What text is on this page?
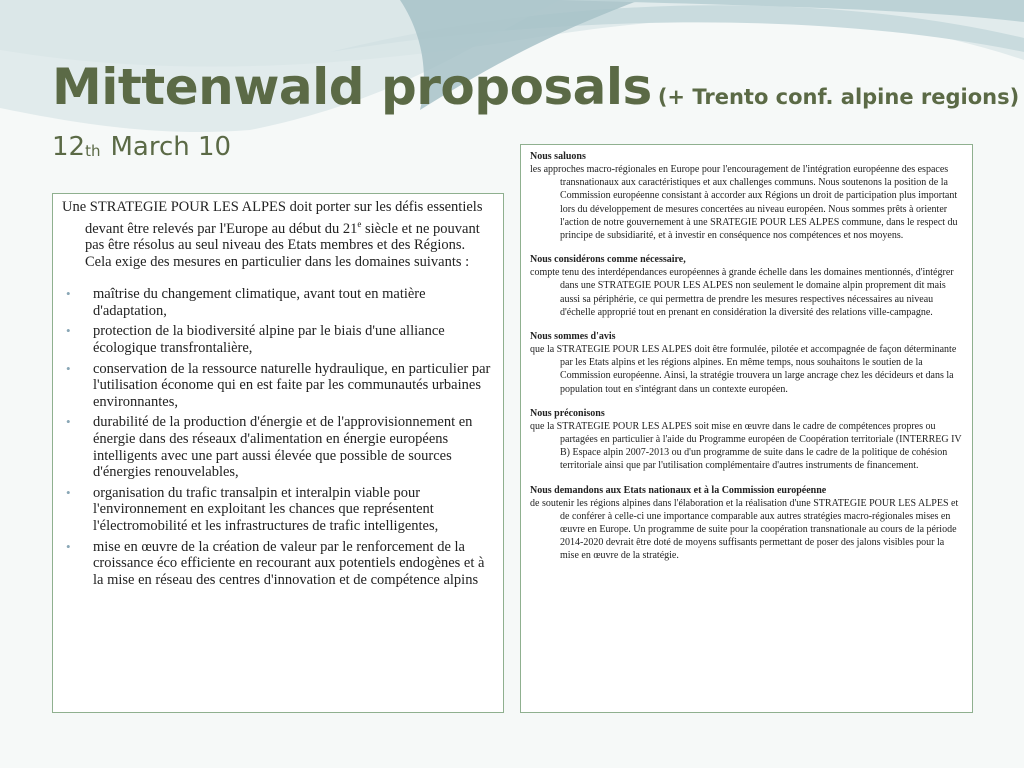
Mittenwald proposals (+ Trento conf. alpine regions)
12th March 10

Une STRATEGIE POUR LES ALPES doit porter sur les défis essentiels devant être relevés par l'Europe au début du 21e siècle et ne pouvant pas être résolus au seul niveau des Etats membres et des Régions. Cela exige des mesures en particulier dans les domaines suivants :

• maîtrise du changement climatique, avant tout en matière d'adaptation,
• protection de la biodiversité alpine par le biais d'une alliance écologique transfrontalière,
• conservation de la ressource naturelle hydraulique, en particulier par l'utilisation économe qui en est faite par les communautés urbaines environnantes,
• durabilité de la production d'énergie et de l'approvisionnement en énergie dans des réseaux d'alimentation en énergie européens intelligents avec une part aussi élevée que possible de sources d'énergies renouvelables,
• organisation du trafic transalpin et interalpin viable pour l'environnement en exploitant les chances que représentent l'électromobilité et les infrastructures de trafic intelligentes,
• mise en œuvre de la création de valeur par le renforcement de la croissance éco efficiente en recourant aux potentiels endogènes et à la mise en réseau des centres d'innovation et de compétence alpins

Nous saluons

les approches macro-régionales en Europe pour l'encouragement de l'intégration européenne des espaces transnationaux aux caractéristiques et aux challenges communs. Nous soutenons la position de la Commission européenne consistant à accorder aux Régions un droit de participation plus important lors du développement de mesures concertées au niveau européen. Nous sommes prêts à orienter l'action de notre gouvernement à une SRATEGIE POUR LES ALPES commune, dans le respect du principe de subsidiarité, et à investir en conséquence nos compétences et nos moyens.

Nous considérons comme nécessaire,

compte tenu des interdépendances européennes à grande échelle dans les domaines mentionnés, d'intégrer dans une STRATEGIE POUR LES ALPES non seulement le domaine alpin proprement dit mais aussi sa périphérie, ce qui permettra de prendre les mesures respectives nécessaires au niveau d'échelle approprié tout en prenant en considération la diversité des relations ville-campagne.

Nous sommes d'avis

que la STRATEGIE POUR LES ALPES doit être formulée, pilotée et accompagnée de façon déterminante par les Etats alpins et les régions alpines. En même temps, nous souhaitons le soutien de la Commission européenne. Ainsi, la stratégie trouvera un large ancrage chez les décideurs et dans la population tout en s'intégrant dans un contexte européen.

Nous préconisons

que la STRATEGIE POUR LES ALPES soit mise en œuvre dans le cadre de compétences propres ou partagées en particulier à l'aide du Programme européen de Coopération territoriale (INTERREG IV B) Espace alpin 2007-2013 ou d'un programme de suite dans le cadre de la politique de cohésion territoriale ainsi que par l'utilisation complémentaire d'autres instruments de financement.

Nous demandons aux Etats nationaux et à la Commission européenne

de soutenir les régions alpines dans l'élaboration et la réalisation d'une STRATEGIE POUR LES ALPES et de conférer à celle-ci une importance comparable aux autres stratégies macro-régionales mises en œuvre en Europe. Un programme de suite pour la coopération transnationale au cours de la période 2014-2020 devrait être doté de moyens suffisants permettant de poser des jalons visibles pour la mise en œuvre de la stratégie.
